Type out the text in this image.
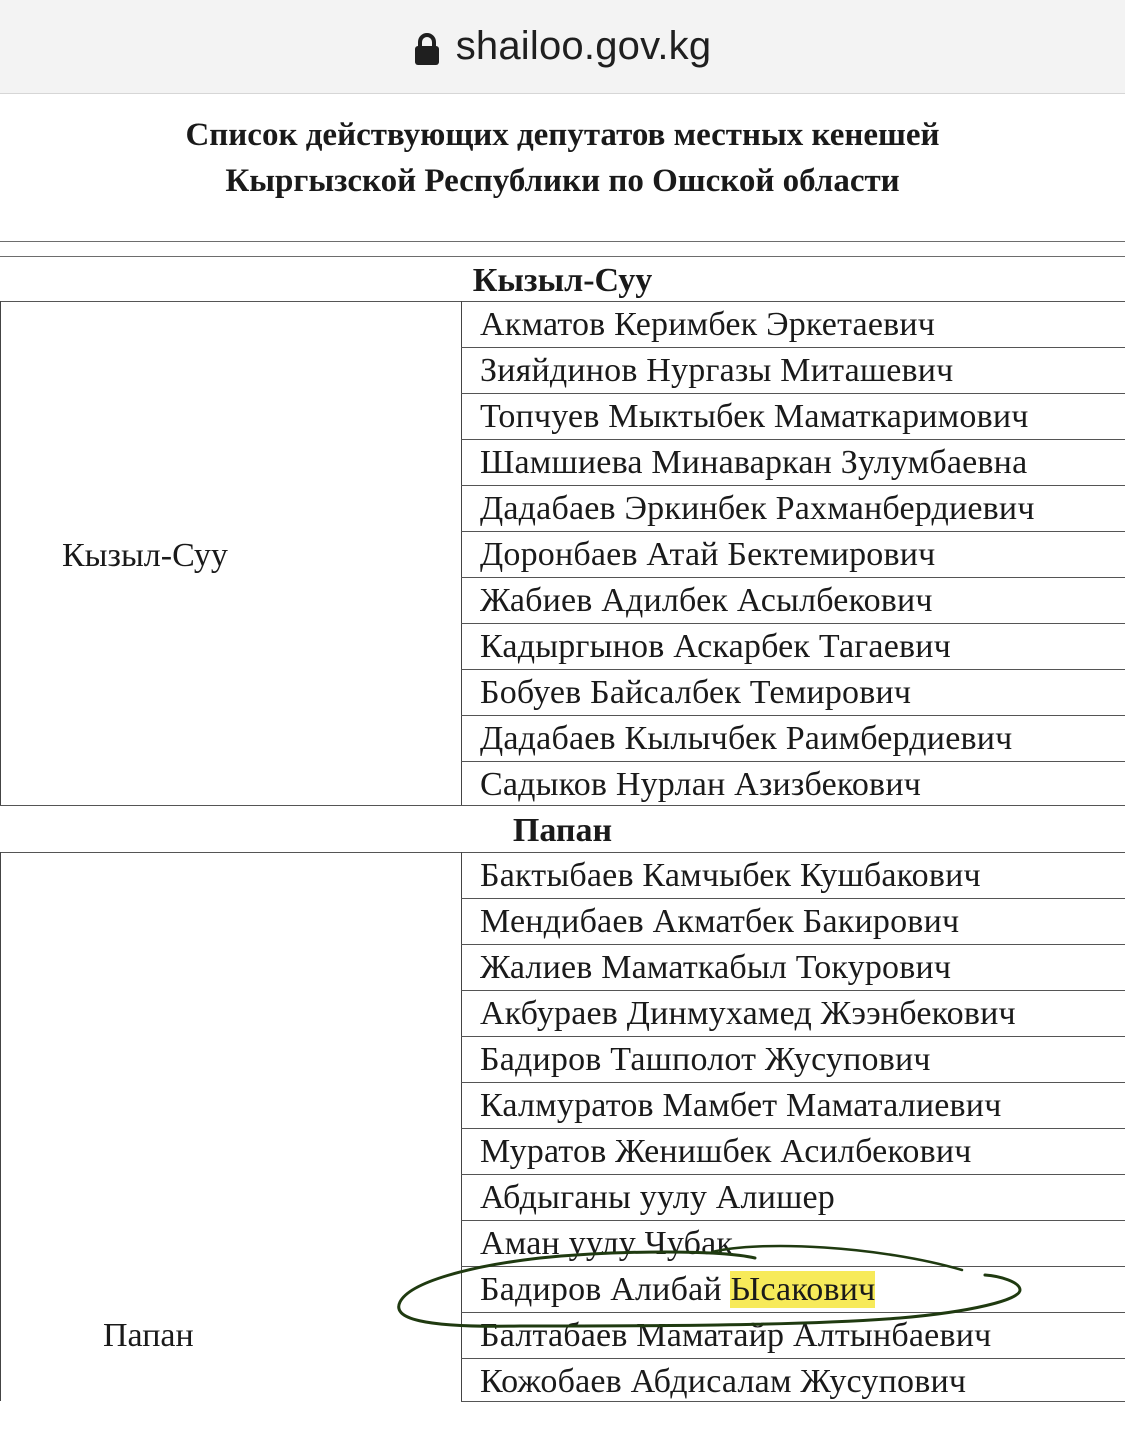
shailoo.gov.kg
Список действующих депутатов местных кенешей
Кыргызской Республики по Ошской области
Кызыл-Суу
Кызыл-Суу
Акматов Керимбек Эркетаевич
Зияйдинов Нургазы Миташевич
Топчуев Мыктыбек Маматкаримович
Шамшиева Минаваркан Зулумбаевна
Дадабаев Эркинбек Рахманбердиевич
Доронбаев Атай Бектемирович
Жабиев Адилбек Асылбекович
Кадыргынов Аскарбек Тагаевич
Бобуев Байсалбек Темирович
Дадабаев Кылычбек Раимбердиевич
Садыков Нурлан Азизбекович
Папан
Папан
Бактыбаев Камчыбек Кушбакович
Мендибаев Акматбек Бакирович
Жалиев Маматкабыл Токурович
Акбураев Динмухамед Жээнбекович
Бадиров Ташполот Жусупович
Калмуратов Мамбет Маматалиевич
Муратов Женишбек Асилбекович
Абдыганы уулу Алишер
Аман уулу Чубак
Бадиров Алибай Ысакович
Балтабаев Маматайр Алтынбаевич
Кожобаев Абдисалам Жусупович
